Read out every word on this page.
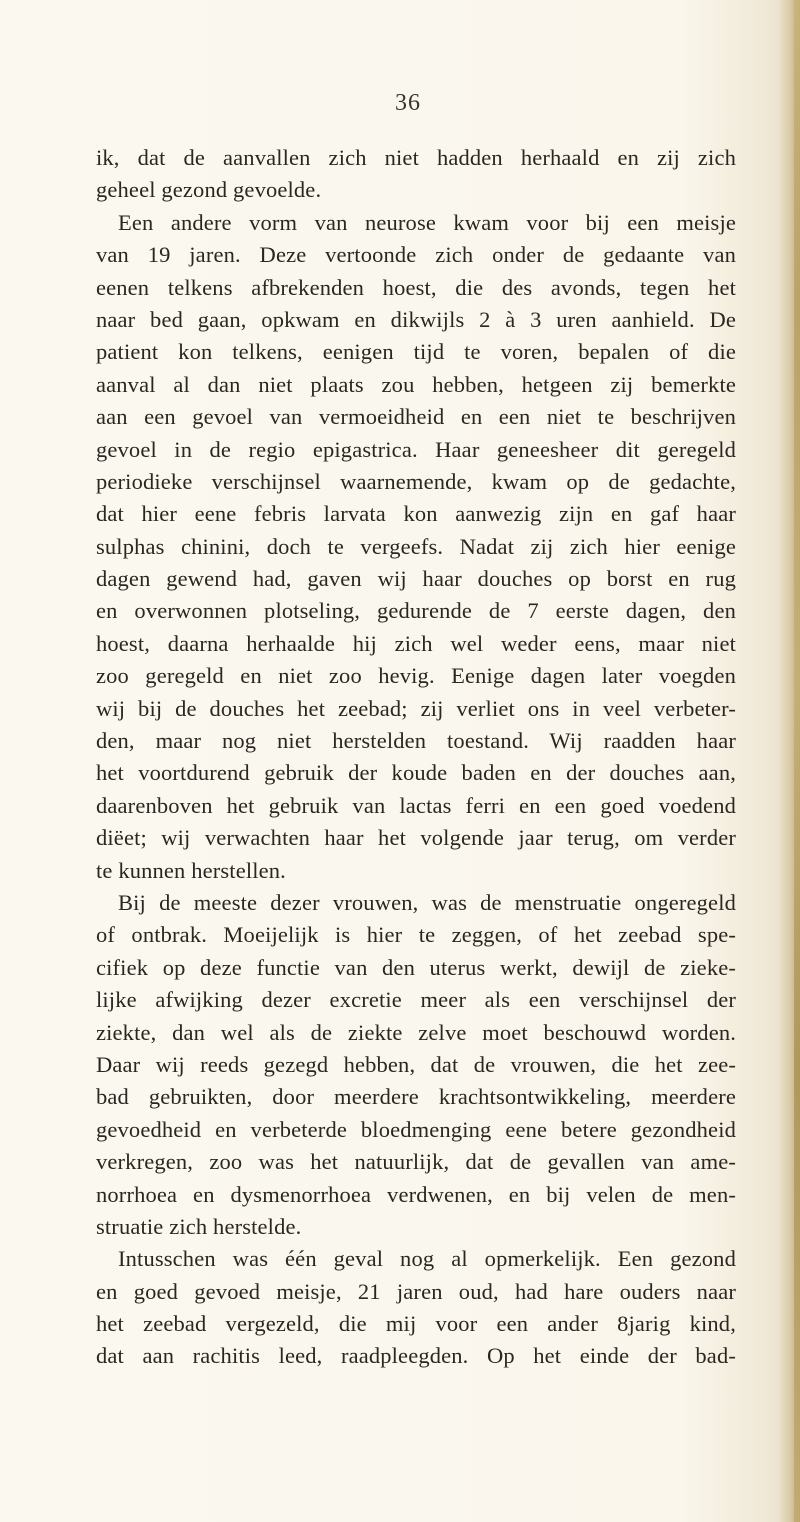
36
ik, dat de aanvallen zich niet hadden herhaald en zij zich
geheel gezond gevoelde.
Een andere vorm van neurose kwam voor bij een meisje
van 19 jaren. Deze vertoonde zich onder de gedaante van
eenen telkens afbrekenden hoest, die des avonds, tegen het
naar bed gaan, opkwam en dikwijls 2 à 3 uren aanhield. De
patient kon telkens, eenigen tijd te voren, bepalen of die
aanval al dan niet plaats zou hebben, hetgeen zij bemerkte
aan een gevoel van vermoeidheid en een niet te beschrijven
gevoel in de regio epigastrica. Haar geneesheer dit geregeld
periodieke verschijnsel waarnemende, kwam op de gedachte,
dat hier eene febris larvata kon aanwezig zijn en gaf haar
sulphas chinini, doch te vergeefs. Nadat zij zich hier eenige
dagen gewend had, gaven wij haar douches op borst en rug
en overwonnen plotseling, gedurende de 7 eerste dagen, den
hoest, daarna herhaalde hij zich wel weder eens, maar niet
zoo geregeld en niet zoo hevig. Eenige dagen later voegden
wij bij de douches het zeebad; zij verliet ons in veel verbeter-
den, maar nog niet herstelden toestand. Wij raadden haar
het voortdurend gebruik der koude baden en der douches aan,
daarenboven het gebruik van lactas ferri en een goed voedend
diëet; wij verwachten haar het volgende jaar terug, om verder
te kunnen herstellen.
Bij de meeste dezer vrouwen, was de menstruatie ongeregeld
of ontbrak. Moeijelijk is hier te zeggen, of het zeebad spe-
cifiek op deze functie van den uterus werkt, dewijl de zieke-
lijke afwijking dezer excretie meer als een verschijnsel der
ziekte, dan wel als de ziekte zelve moet beschouwd worden.
Daar wij reeds gezegd hebben, dat de vrouwen, die het zee-
bad gebruikten, door meerdere krachtsontwikkeling, meerdere
gevoedheid en verbeterde bloedmenging eene betere gezondheid
verkregen, zoo was het natuurlijk, dat de gevallen van ame-
norrhoea en dysmenorrhoea verdwenen, en bij velen de men-
struatie zich herstelde.
Intusschen was één geval nog al opmerkelijk. Een gezond
en goed gevoed meisje, 21 jaren oud, had hare ouders naar
het zeebad vergezeld, die mij voor een ander 8jarig kind,
dat aan rachitis leed, raadpleegden. Op het einde der bad-
